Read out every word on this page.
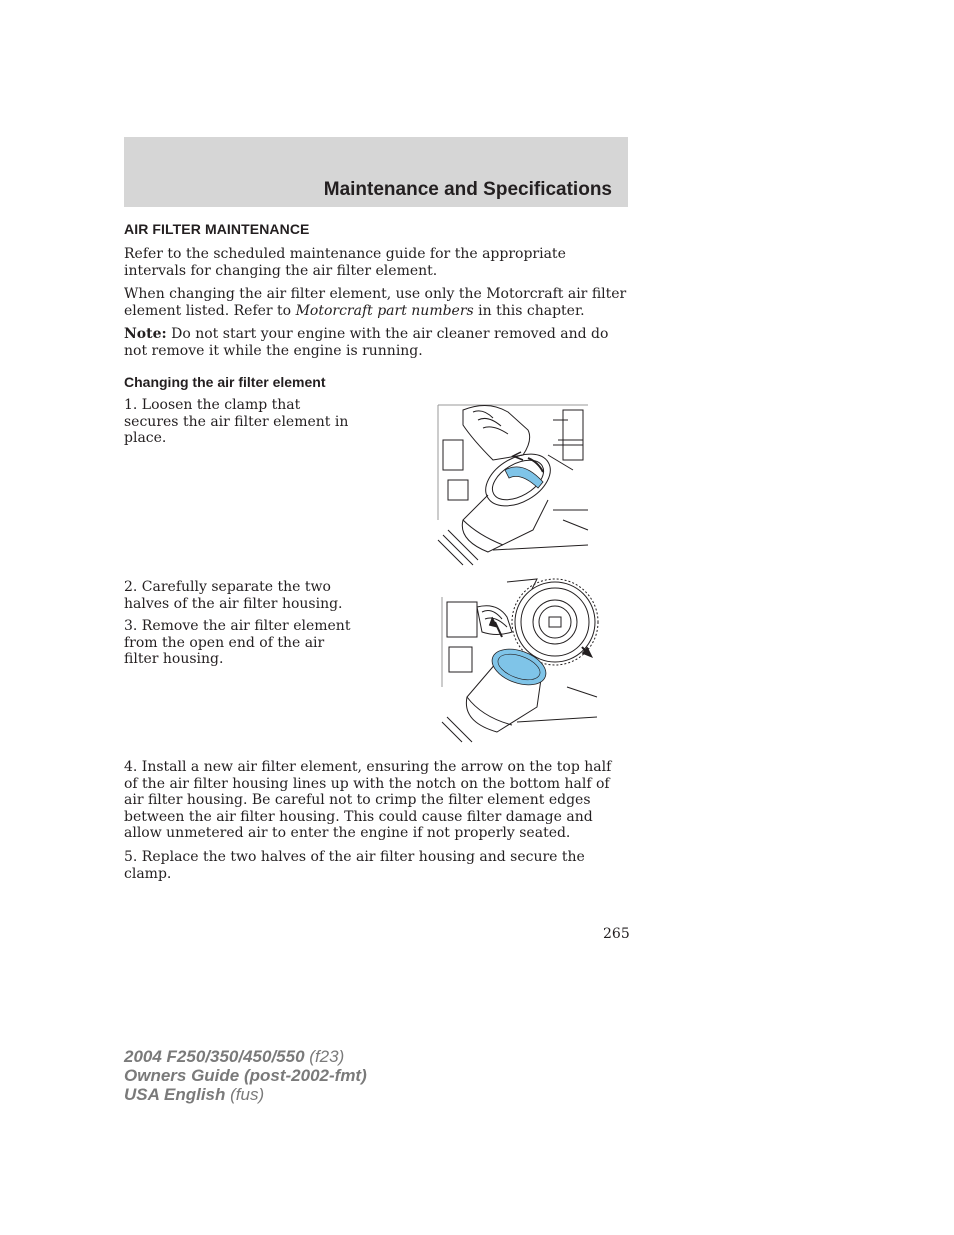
Maintenance and Specifications
AIR FILTER MAINTENANCE

Refer to the scheduled maintenance guide for the appropriate intervals for changing the air filter element.

When changing the air filter element, use only the Motorcraft air filter element listed. Refer to Motorcraft part numbers in this chapter.

Note: Do not start your engine with the air cleaner removed and do not remove it while the engine is running.

Changing the air filter element

1. Loosen the clamp that secures the air filter element in place.

2. Carefully separate the two halves of the air filter housing.

3. Remove the air filter element from the open end of the air filter housing.

4. Install a new air filter element, ensuring the arrow on the top half of the air filter housing lines up with the notch on the bottom half of air filter housing. Be careful not to crimp the filter element edges between the air filter housing. This could cause filter damage and allow unmetered air to enter the engine if not properly seated.

5. Replace the two halves of the air filter housing and secure the clamp.

265
2004 F250/350/450/550 (f23)
Owners Guide (post-2002-fmt)
USA English (fus)
